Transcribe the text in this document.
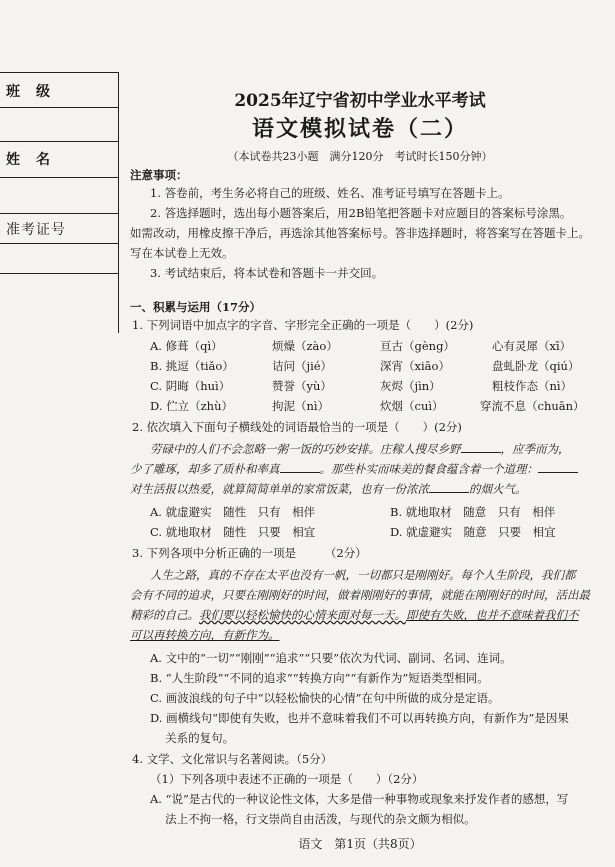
班　级
姓　名
准考证号
2025年辽宁省初中学业水平考试
语文模拟试卷（二）
（本试卷共23小题　满分120分　考试时长150分钟）
注意事项：
1. 答卷前，考生务必将自己的班级、姓名、准考证号填写在答题卡上。
2. 答选择题时，选出每小题答案后，用2B铅笔把答题卡对应题目的答案标号涂黑。
如需改动，用橡皮擦干净后，再选涂其他答案标号。答非选择题时，将答案写在答题卡上。
写在本试卷上无效。
3. 考试结束后，将本试卷和答题卡一并交回。
一、积累与运用（17分）
1. 下列词语中加点字的字音、字形完全正确的一项是（　　）(2分)
A. 修葺（qì）	烦燥（zào）	亘古（gèng）	心有灵犀（xī）
B. 挑逗（tiǎo）	诘问（jié）	深宵（xiāo）	盘虬卧龙（qiú）
C. 阴晦（huì）	赞誉（yù）	灰烬（jìn）	粗枝作态（nì）
D. 伫立（zhù）	拘泥（nì）	炊烟（cuì）	穿流不息（chuān）
2. 依次填入下面句子横线处的词语最恰当的一项是（　　）(2分)
劳碌中的人们不会忽略一粥一饭的巧妙安排。庄稼人搜尽乡野	，应季而为，
少了雕琢，却多了质朴和率真	。那些朴实而味美的餐食蕴含着一个道理：
对生活报以热爱，就算简简单单的家常饭菜，也有一份浓浓	的烟火气。
A. 就虚避实　随性　只有　相伴	B. 就地取材　随意　只有　相伴
C. 就地取材　随性　只要　相宜	D. 就虚避实　随意　只要　相宜
3. 下列各项中分析正确的一项是　　　（2分）
人生之路，真的不存在太平也没有一帆，一切都只是刚刚好。每个人生阶段，我们都
会有不同的追求，只要在刚刚好的时间，做着刚刚好的事情，就能在刚刚好的时间，活出最
精彩的自己。我们要以轻松愉快的心情来面对每一天。即使有失败，也并不意味着我们不
可以再转换方向，有新作为。
A. 文中的“一切”“刚刚”“追求”“只要”依次为代词、副词、名词、连词。
B. “人生阶段”“不同的追求”“转换方向”“有新作为”短语类型相同。
C. 画波浪线的句子中“以轻松愉快的心情”在句中所做的成分是定语。
D. 画横线句“即使有失败，也并不意味着我们不可以再转换方向，有新作为”是因果
　 关系的复句。
4. 文学、文化常识与名著阅读。（5分）
（1）下列各项中表述不正确的一项是（　　）（2分）
A. “说”是古代的一种议论性文体，大多是借一种事物或现象来抒发作者的感想，写
　 法上不拘一格，行文崇尚自由活泼，与现代的杂文颇为相似。
语文　第1页（共8页）
